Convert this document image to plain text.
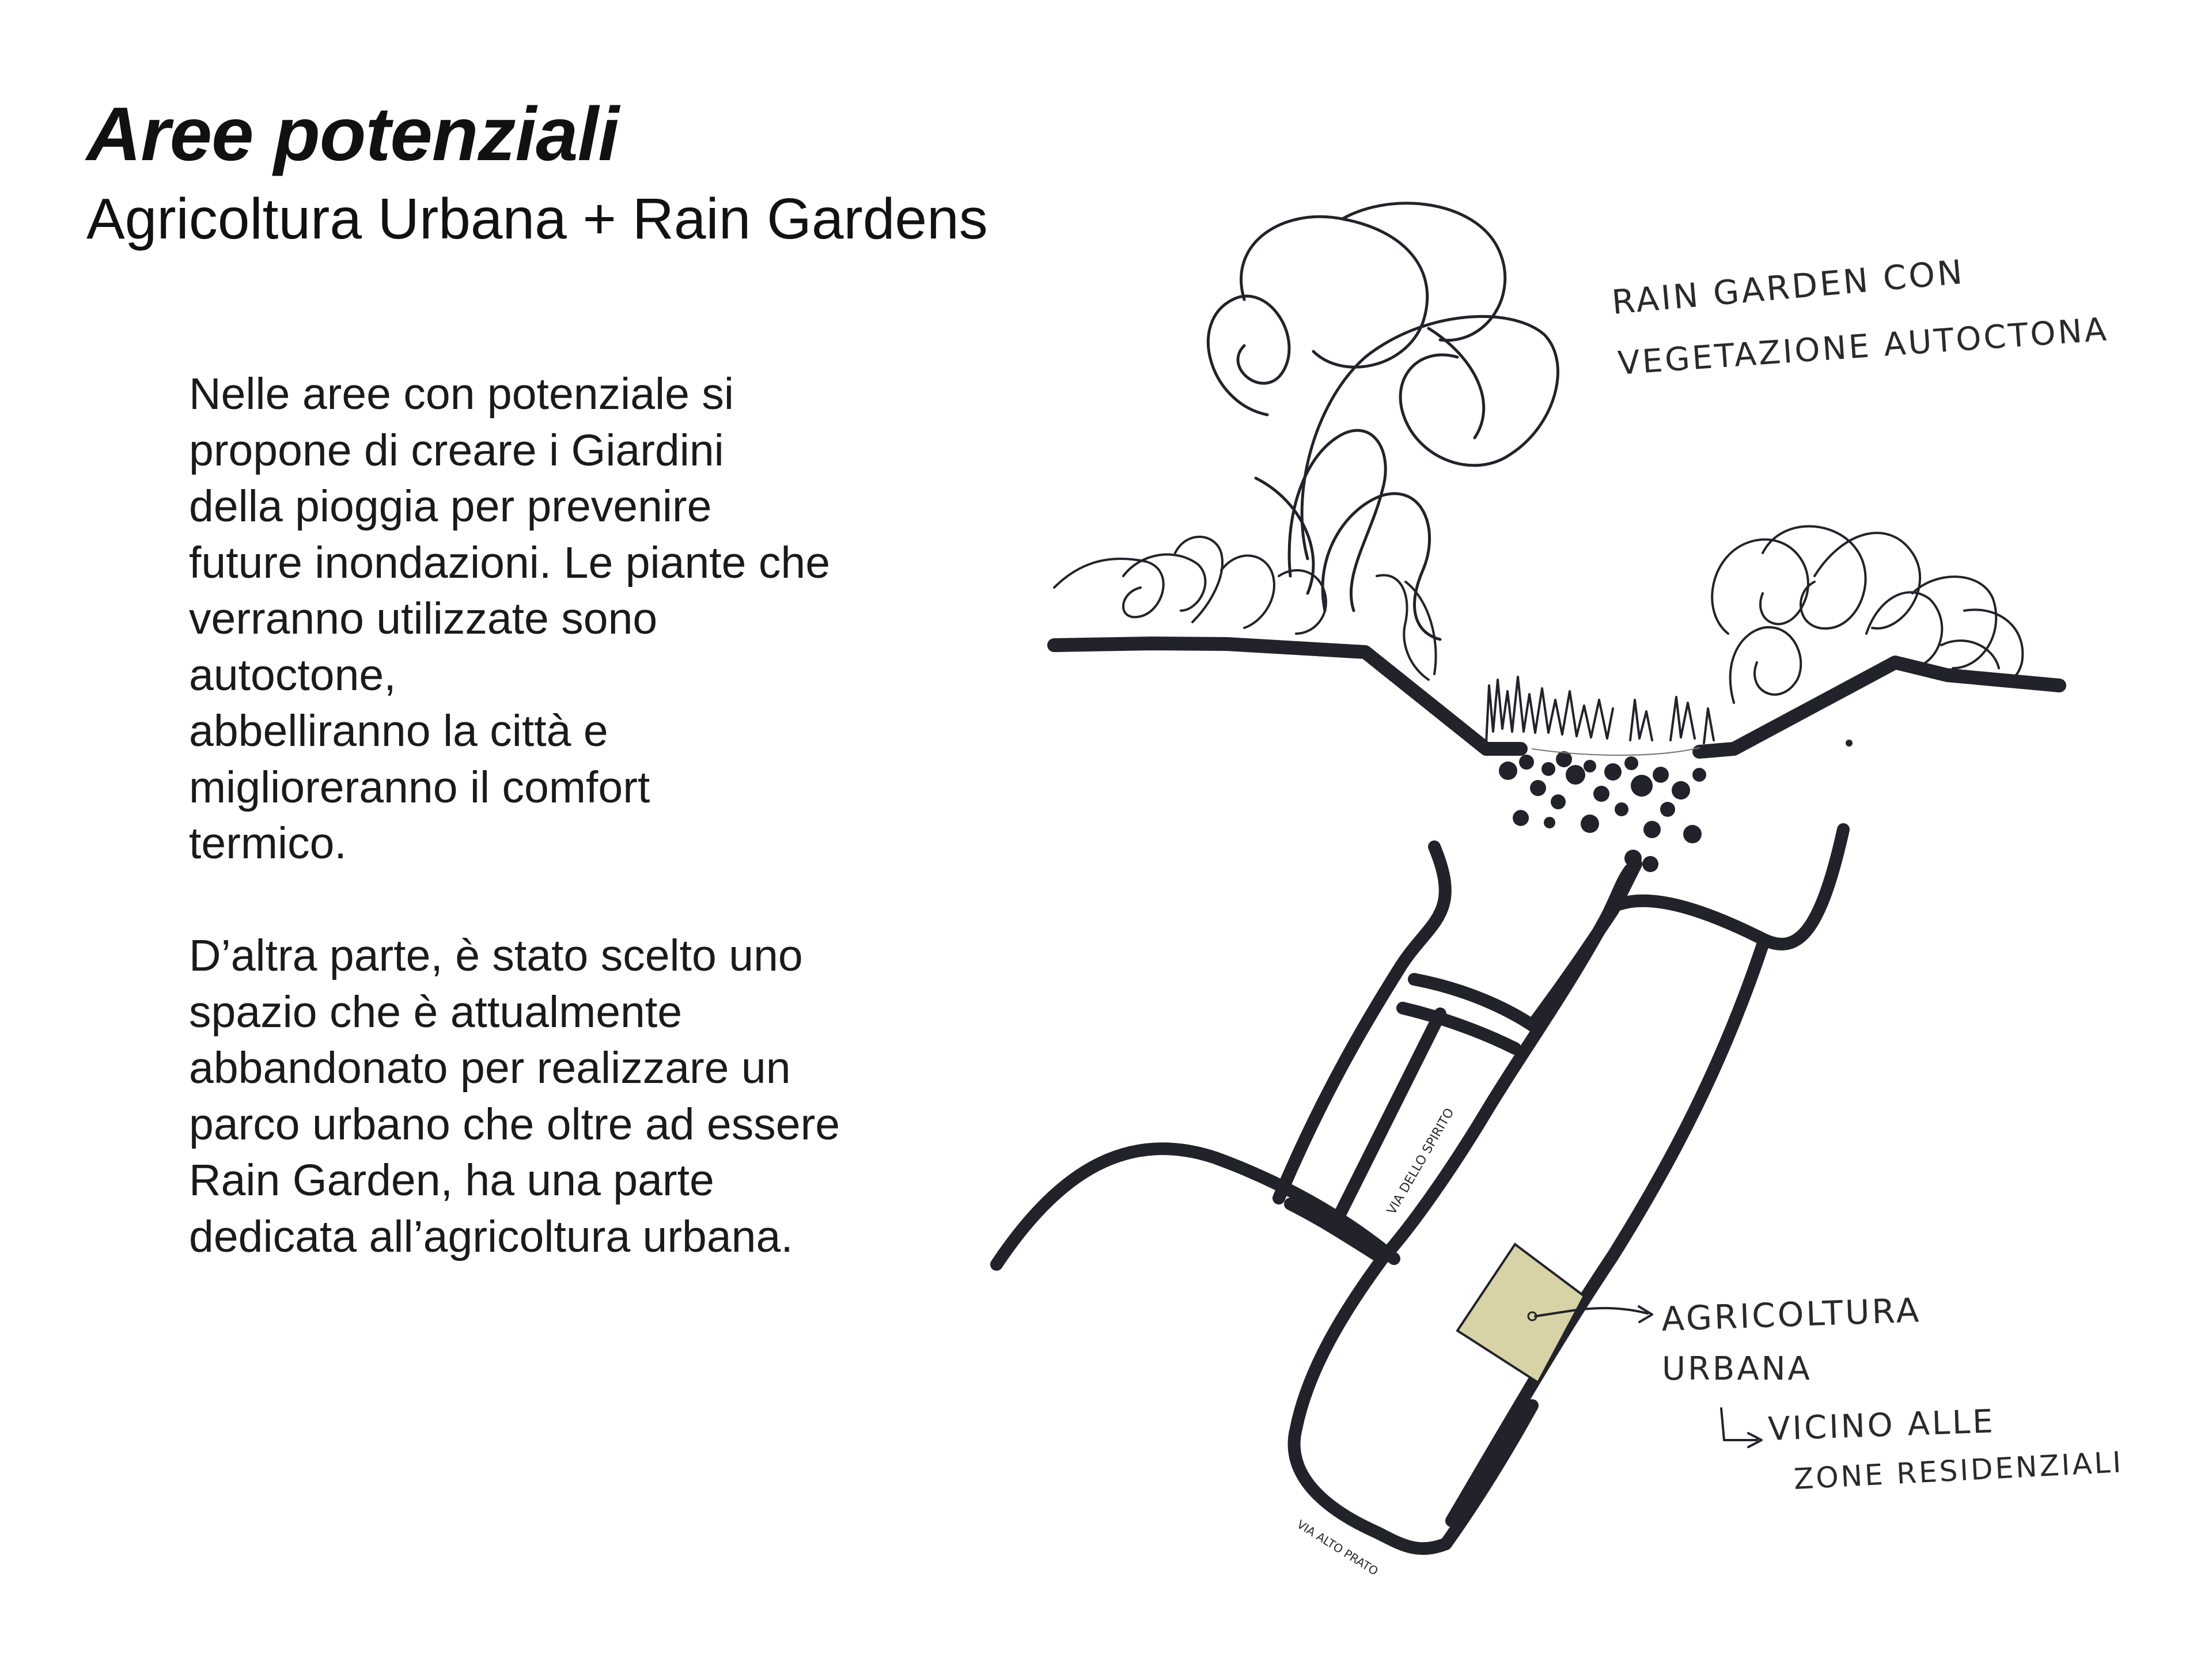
Aree potenziali
Agricoltura Urbana + Rain Gardens

Nelle aree con potenziale si
propone di creare i Giardini
della pioggia per prevenire
future inondazioni. Le piante che
verranno utilizzate sono
autoctone,
abbelliranno la città e
miglioreranno il comfort
termico.

D’altra parte, è stato scelto uno
spazio che è attualmente
abbandonato per realizzare un
parco urbano che oltre ad essere
Rain Garden, ha una parte
dedicata all’agricoltura urbana.

RAIN GARDEN CON
VEGETAZIONE AUTOCTONA
AGRICOLTURA
URBANA
VICINO ALLE
ZONE RESIDENZIALI
VIA DELLO SPIRITO
VIA ALTO PRATO
